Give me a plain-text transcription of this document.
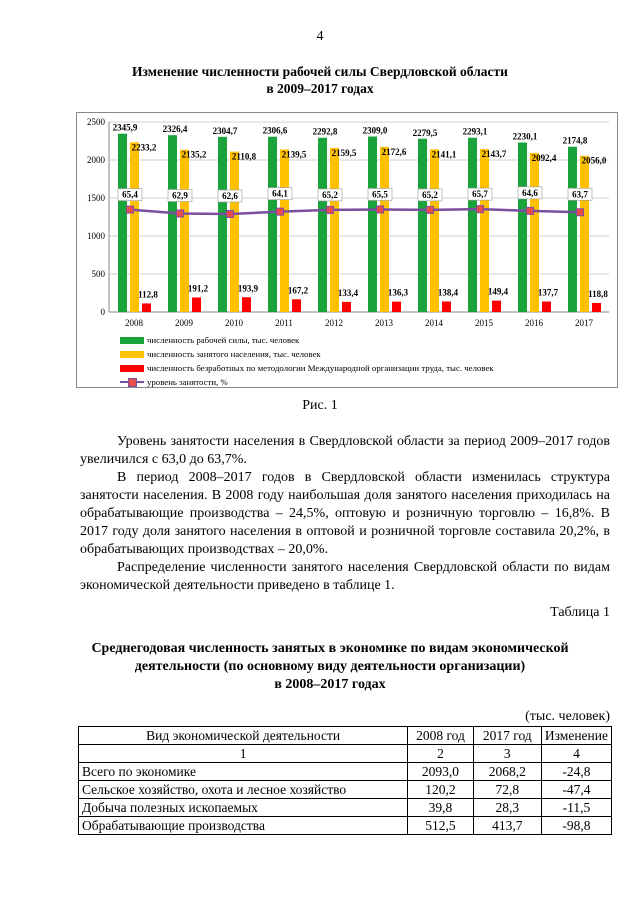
4
Изменение численности рабочей силы Свердловской области
в 2009–2017 годах
0
500
1000
1500
2000
2500
2345,9
2233,2
112,8
2008
2326,4
2135,2
191,2
2009
2304,7
2110,8
193,9
2010
2306,6
2139,5
167,2
2011
2292,8
2159,5
133,4
2012
2309,0
2172,6
136,3
2013
2279,5
2141,1
138,4
2014
2293,1
2143,7
149,4
2015
2230,1
2092,4
137,7
2016
2174,8
2056,0
118,8
2017
65,4	62,9	62,6	64,1	65,2	65,5	65,2	65,7	64,6	63,7
численность рабочей силы, тыс. человек
численность занятого населения, тыс. человек
численность безработных по методологии Международной организации труда, тыс. человек
уровень занятости, %
Рис. 1

Уровень занятости населения в Свердловской области за период 2009–2017 годов увеличился с 63,0 до 63,7%.

В период 2008–2017 годов в Свердловской области изменилась структура занятости населения. В 2008 году наибольшая доля занятого населения приходилась на обрабатывающие производства – 24,5%, оптовую и розничную торговлю – 16,8%. В 2017 году доля занятого населения в оптовой и розничной торговле составила 20,2%, в обрабатывающих производствах – 20,0%.

Распределение численности занятого населения Свердловской области по видам экономической деятельности приведено в таблице 1.

Таблица 1
Среднегодовая численность занятых в экономике по видам экономической
деятельности (по основному виду деятельности организации)
в 2008–2017 годах
(тыс. человек)
Вид экономической деятельности	2008 год	2017 год	Изменение
1	2	3	4
Всего по экономике	2093,0	2068,2	-24,8
Сельское хозяйство, охота и лесное хозяйство	120,2	72,8	-47,4
Добыча полезных ископаемых	39,8	28,3	-11,5
Обрабатывающие производства	512,5	413,7	-98,8
